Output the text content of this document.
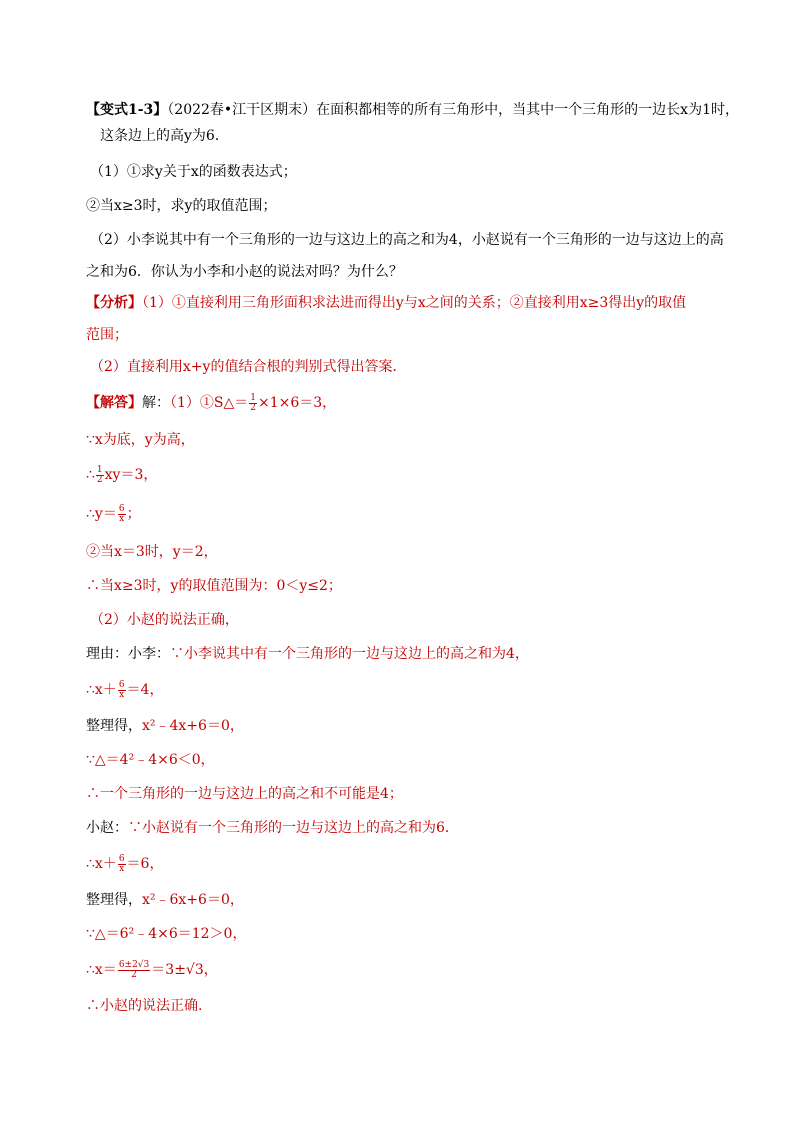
【变式1-3】（2022春•江干区期末）在面积都相等的所有三角形中，当其中一个三角形的一边长x为1时，
这条边上的高y为6．
（1）①求y关于x的函数表达式；
②当x≥3时，求y的取值范围；
（2）小李说其中有一个三角形的一边与这边上的高之和为4，小赵说有一个三角形的一边与这边上的高
之和为6．你认为小李和小赵的说法对吗？为什么？
【分析】（1）①直接利用三角形面积求法进而得出y与x之间的关系；②直接利用x≥3得出y的取值
范围；
（2）直接利用x+y的值结合根的判别式得出答案．
【解答】解：（1）①S△＝ $\frac{1}{2} \times 1\times 6=3$，
∵x为底，y为高，
∴ $\frac{1}{2} xy=3$，
∴y＝ $\frac{6}{x}$ ；
②当x＝3时，y＝2，
∴当x≥3时，y的取值范围为：0＜y≤2；
（2）小赵的说法正确，
理由：小李：∵小李说其中有一个三角形的一边与这边上的高之和为4，
∴x＋ $\frac{6}{x} =4$，
整理得，x²﹣4x+6＝0，
∵△＝4²﹣4×6＜0，
∴一个三角形的一边与这边上的高之和不可能是4；
小赵：∵小赵说有一个三角形的一边与这边上的高之和为6．
∴x＋ $\frac{6}{x} =6$，
整理得，x²﹣6x+6＝0，
∵△＝6²﹣4×6＝12＞0，
∴x＝ $\frac{6\pm 2√3}{2} =3\pm√3$，
∴小赵的说法正确.
